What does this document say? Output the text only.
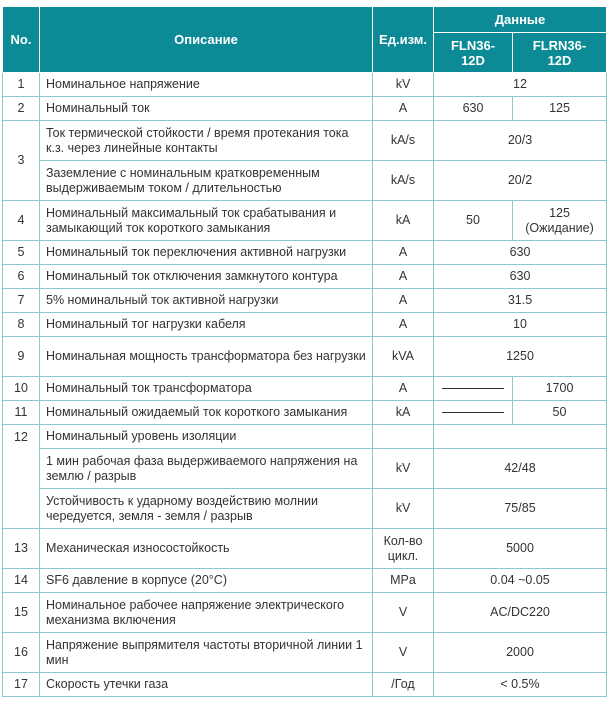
No.	Описание	Ед.изм.	Данные	
			FLN36-12D	FLRN36-12D
1	Номинальное напряжение	kV	12	
2	Номинальный ток	A	630	125
3	Ток термической стойкости / время протекания тока к.з. через линейные контакты	kA/s	20/3	
	Заземление с номинальным кратковременным выдерживаемым током / длительностью	kA/s	20/2	
4	Номинальный максимальный ток срабатывания и замыкающий ток короткого замыкания	kA	50	125
(Ожидание)

5	Номинальный ток переключения активной нагрузки	A	630	
6	Номинальный ток отключения замкнутого контура	A	630	
7	5% номинальный ток активной нагрузки	A	31.5	
8	Номинальный тог нагрузки кабеля	A	10	
9	Номинальная мощность трансформатора без нагрузки	kVA	1250	
10	Номинальный ток трансформатора	A		1700
11	Номинальный ожидаемый ток короткого замыкания	kA		50
12	Номинальный уровень изоляции			
	1 мин рабочая фаза выдерживаемого напряжения на землю / разрыв	kV	42/48	
	Устойчивость к ударному воздействию молнии чередуется, земля - земля / разрыв	kV	75/85	
13	Механическая износостойкость	Кол-во цикл.	5000	
14	SF6 давление в корпусе (20°C)	MPa	0.04 ~0.05	
15	Номинальное рабочее напряжение электрического механизма включения	V	AC/DC220	
16	Напряжение выпрямителя частоты вторичной линии 1 мин	V	2000	
17	Скорость утечки газа	/Год	< 0.5%	
